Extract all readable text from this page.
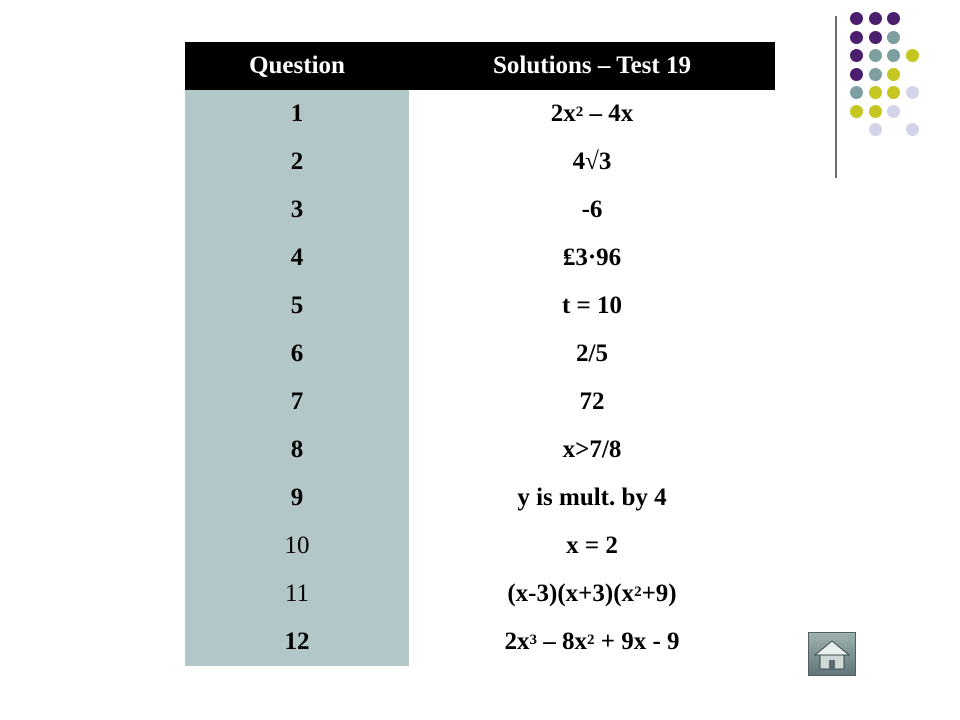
Question	Solutions – Test 19
1	$2x^2 - 4x$
2	4√3
3	-6
4	₤3·96
5	t = 10
6	2/5
7	72
8	x>7/8
9	y is mult. by 4
10	x = 2
11	$(x-3)(x+3)(x^2 +9)$
12	$2x^3 - 8x^2 + 9x - 9$
